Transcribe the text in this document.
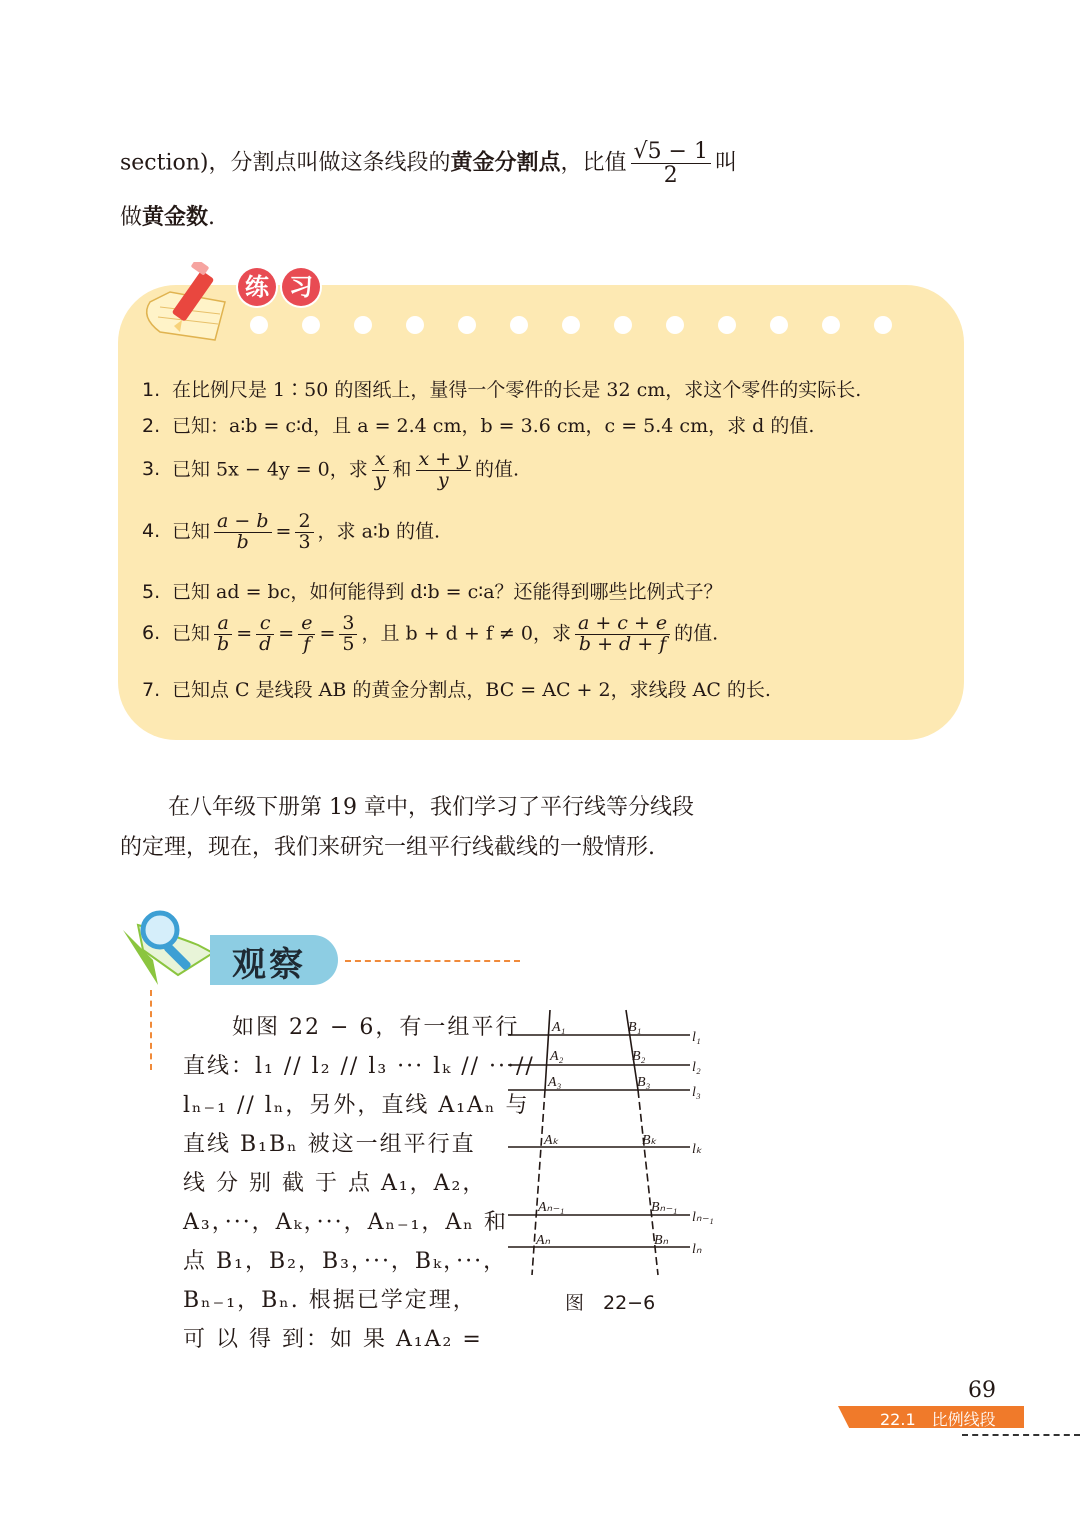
section)，分割点叫做这条线段的黄金分割点，比值 $\frac{√5 - 1}{2}$ 叫
做黄金数.
练 习
1. 在比例尺是 1∶50 的图纸上，量得一个零件的长是 32 cm，求这个零件的实际长.
2. 已知：a∶b = c∶d，且 a = 2.4 cm，b = 3.6 cm，c = 5.4 cm，求 d 的值.
3. 已知 5x − 4y = 0，求 $\frac{x}{y}$ 和 $\frac{x + y}{y}$ 的值.
4. 已知 $\frac{a - b}{b} = \frac{2}{3}$ ，求 a∶b 的值.
5. 已知 ad = bc，如何能得到 d∶b = c∶a？还能得到哪些比例式子？
6. 已知 $\frac{a}{b} = \frac{c}{d} = \frac{e}{f} = \frac{3}{5}$ ，且 b + d + f ≠ 0，求 $\frac{a + c + e}{b + d + f}$ 的值.
7. 已知点 C 是线段 AB 的黄金分割点，BC = AC + 2，求线段 AC 的长.
在八年级下册第 19 章中，我们学习了平行线等分线段
的定理，现在，我们来研究一组平行线截线的一般情形.
观察
如图 22 − 6，有一组平行
直线：l₁ // l₂ // l₃ ··· lₖ // ···//
lₙ₋₁ // lₙ，另外，直线 A₁Aₙ 与
直线 B₁Bₙ 被这一组平行直
线 分 别 截 于 点 A₁，A₂，
A₃，···，Aₖ，···，Aₙ₋₁，Aₙ 和
点 B₁，B₂，B₃，···，Bₖ，···，
Bₙ₋₁，Bₙ. 根据已学定理，
可 以 得 到：如 果 A₁A₂ =
A₁
A₂
A₃
Aₖ
Aₙ₋₁
Aₙ
B₁
B₂
B₃
Bₖ
Bₙ₋₁
Bₙ
l₁
l₂
l₃
lₖ
lₙ₋₁
lₙ
图　22−6
69
22.1　比例线段
